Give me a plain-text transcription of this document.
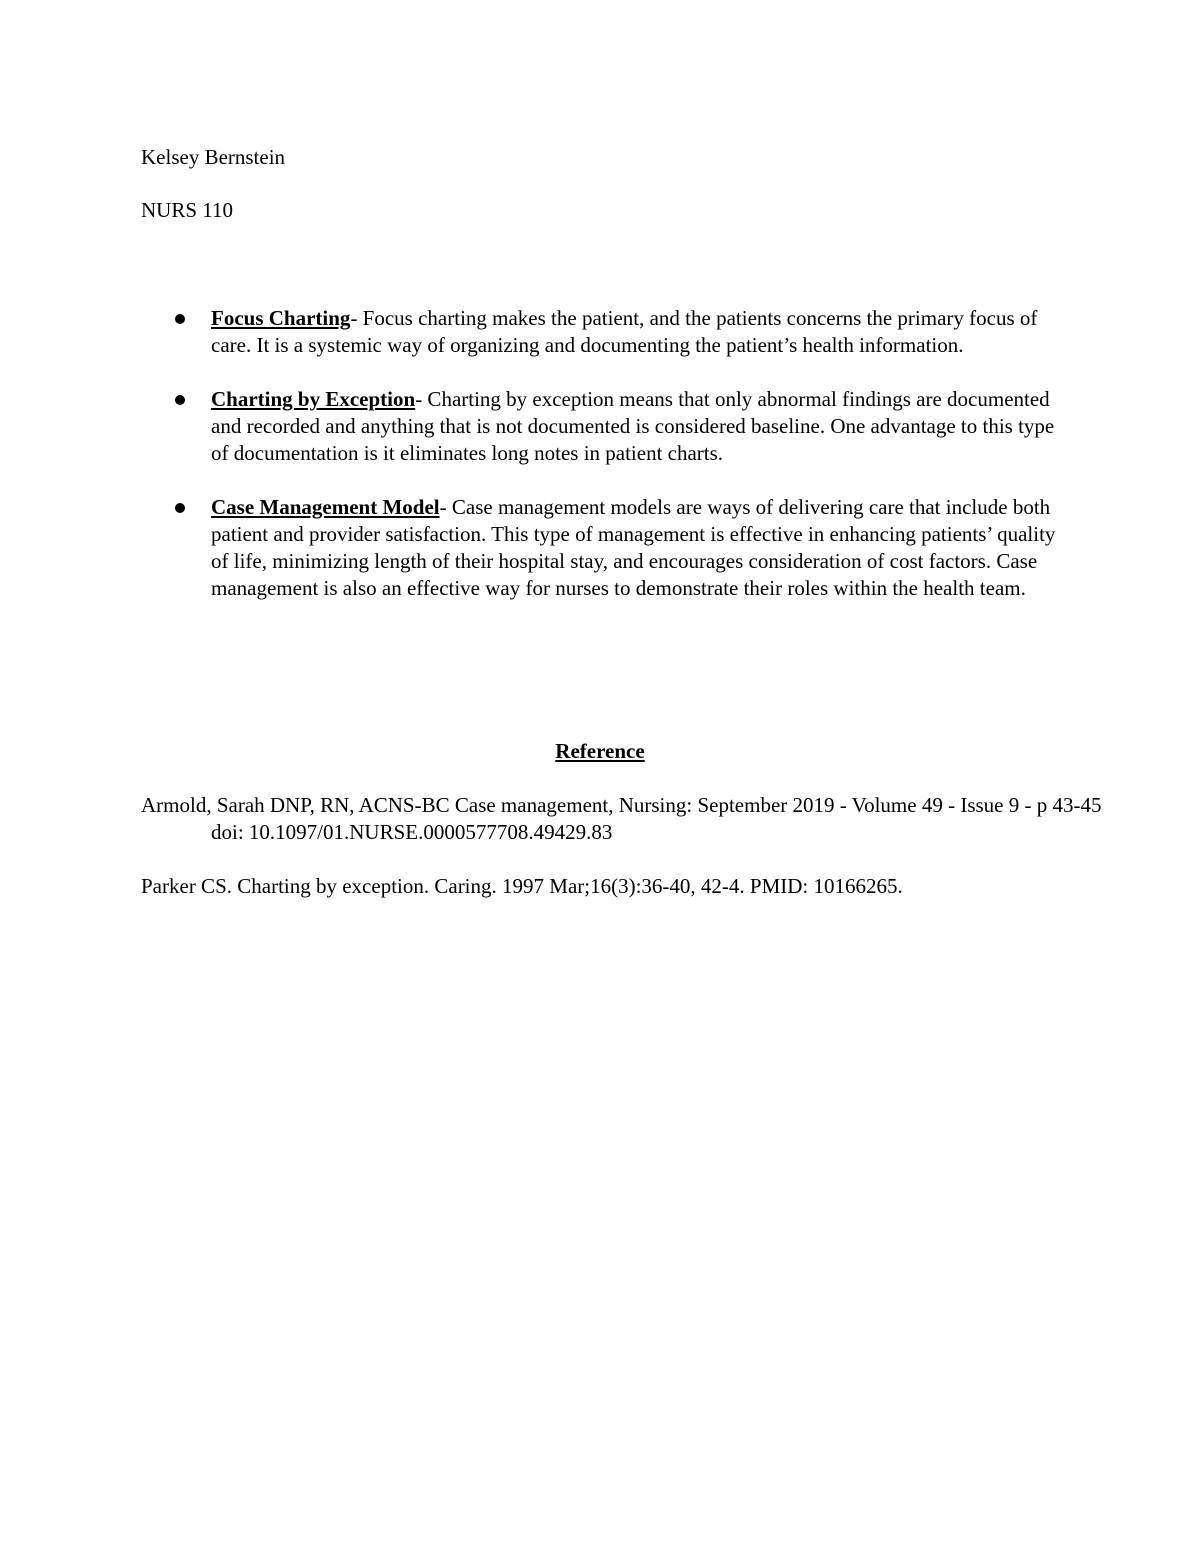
Kelsey Bernstein
NURS 110
Focus Charting- Focus charting makes the patient, and the patients concerns the primary focus of care. It is a systemic way of organizing and documenting the patient’s health information.
Charting by Exception- Charting by exception means that only abnormal findings are documented and recorded and anything that is not documented is considered baseline. One advantage to this type of documentation is it eliminates long notes in patient charts.
Case Management Model- Case management models are ways of delivering care that include both patient and provider satisfaction. This type of management is effective in enhancing patients’ quality of life, minimizing length of their hospital stay, and encourages consideration of cost factors. Case management is also an effective way for nurses to demonstrate their roles within the health team.
Reference
Armold, Sarah DNP, RN, ACNS-BC Case management, Nursing: September 2019 - Volume 49 - Issue 9 - p 43-45 doi: 10.1097/01.NURSE.0000577708.49429.83
Parker CS. Charting by exception. Caring. 1997 Mar;16(3):36-40, 42-4. PMID: 10166265.
